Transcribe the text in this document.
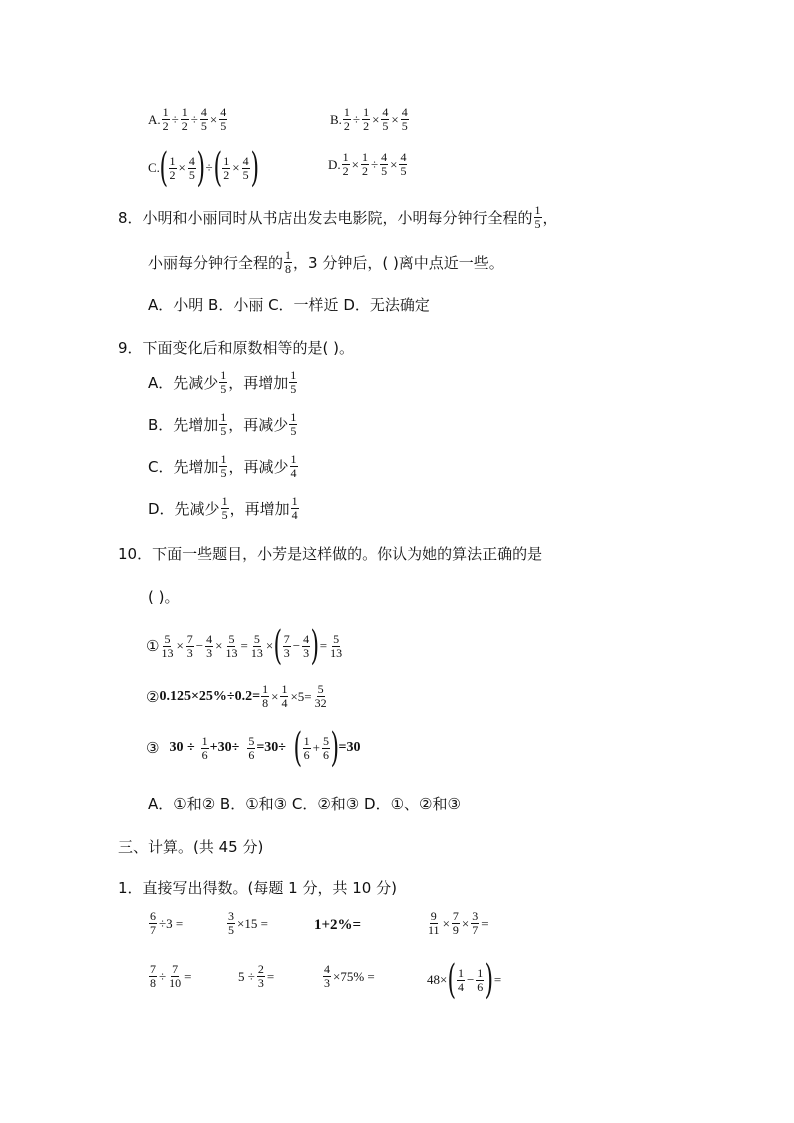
A. $\frac{1}{2} \div \frac{1}{2} \div \frac{4}{5} \times \frac{4}{5}$	B. $\frac{1}{2} \div \frac{1}{2} \times \frac{4}{5} \times \frac{4}{5}$
C. ( $\frac{1}{2} \times \frac{4}{5}$ ) ÷ ( $\frac{1}{2} \times \frac{4}{5}$ )	D. $\frac{1}{2} \times \frac{1}{2} \div \frac{4}{5} \times \frac{4}{5}$
8．小明和小丽同时从书店出发去电影院，小明每分钟行全程的 $\frac{1}{5}$ ，
小丽每分钟行全程的 $\frac{1}{8}$ ，3 分钟后，( )离中点近一些。
A．小明 B．小丽 C．一样近 D．无法确定
9．下面变化后和原数相等的是( )。
A．先减少 $\frac{1}{5}$ ，再增加 $\frac{1}{5}$
B．先增加 $\frac{1}{5}$ ，再减少 $\frac{1}{5}$
C．先增加 $\frac{1}{5}$ ，再减少 $\frac{1}{4}$
D．先减少 $\frac{1}{5}$ ，再增加 $\frac{1}{4}$
10．下面一些题目，小芳是这样做的。你认为她的算法正确的是
( )。
① $\frac{5}{13} \times \frac{7}{3} - \frac{4}{3} \times \frac{5}{13} = \frac{5}{13}$ × ( $\frac{7}{3} - \frac{4}{3}$ ) = $\frac{5}{13}$
② $0.125\times 25\%\div 0.2= \frac{1}{8} \times \frac{1}{4} \times 5= \frac{5}{32}$
③ $30 \div \frac{1}{6} +30\div \frac{5}{6} =30\div$ ( $\frac{1}{6} + \frac{5}{6}$ ) =30
A．①和② B．①和③ C．②和③ D．①、②和③
三、计算。(共 45 分)
1．直接写出得数。(每题 1 分，共 10 分)
$\frac{6}{7} \div 3$ =	$\frac{3}{5} \times 15$ =	1+2%=	$\frac{9}{11} \times \frac{7}{9} \times \frac{3}{7}$ =
$\frac{7}{8} \div \frac{7}{10}$ =	$5 \div \frac{2}{3}$ =	$\frac{4}{3} \times 75\%$ =	48× ( $\frac{1}{4} - \frac{1}{6}$ ) =
